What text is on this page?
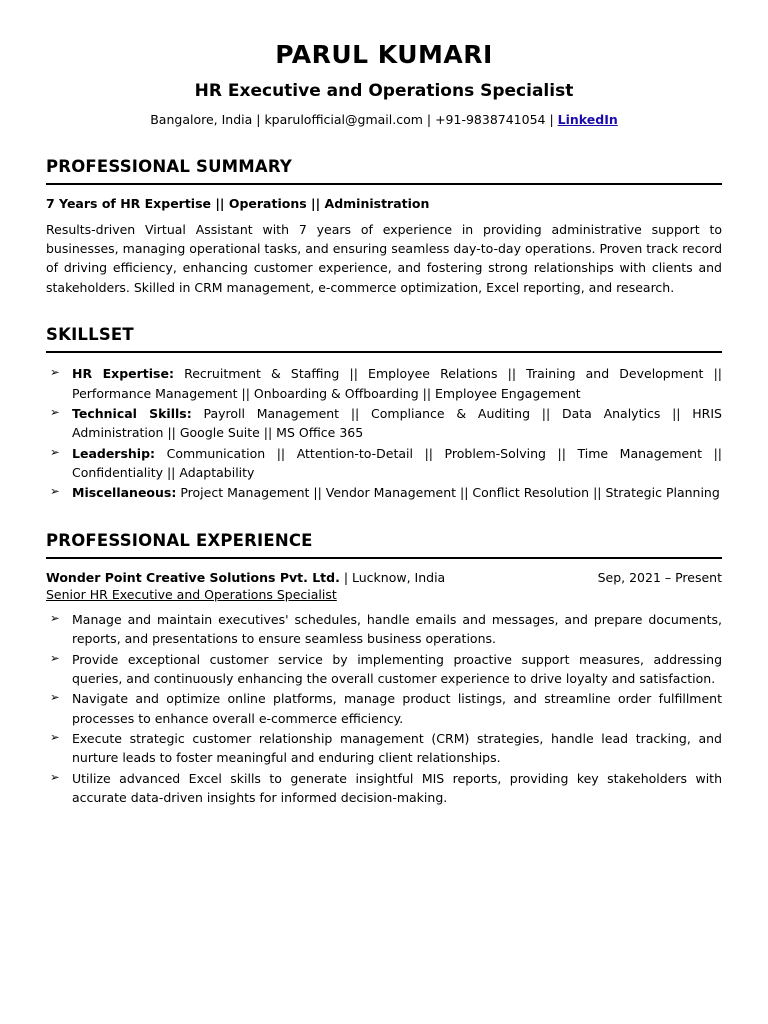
PARUL KUMARI
HR Executive and Operations Specialist
Bangalore, India | kparulofficial@gmail.com | +91-9838741054 | LinkedIn
PROFESSIONAL SUMMARY
7 Years of HR Expertise || Operations || Administration

Results-driven Virtual Assistant with 7 years of experience in providing administrative support to businesses, managing operational tasks, and ensuring seamless day-to-day operations. Proven track record of driving efficiency, enhancing customer experience, and fostering strong relationships with clients and stakeholders. Skilled in CRM management, e-commerce optimization, Excel reporting, and research.

SKILLSET
➢ HR Expertise: Recruitment & Staffing || Employee Relations || Training and Development || Performance Management || Onboarding & Offboarding || Employee Engagement
➢ Technical Skills: Payroll Management || Compliance & Auditing || Data Analytics || HRIS Administration || Google Suite || MS Office 365
➢ Leadership: Communication || Attention-to-Detail || Problem-Solving || Time Management || Confidentiality || Adaptability
➢ Miscellaneous: Project Management || Vendor Management || Conflict Resolution || Strategic Planning
PROFESSIONAL EXPERIENCE
Wonder Point Creative Solutions Pvt. Ltd. | Lucknow, India	Sep, 2021 – Present
Senior HR Executive and Operations Specialist
➢ Manage and maintain executives' schedules, handle emails and messages, and prepare documents, reports, and presentations to ensure seamless business operations.
➢ Provide exceptional customer service by implementing proactive support measures, addressing queries, and continuously enhancing the overall customer experience to drive loyalty and satisfaction.
➢ Navigate and optimize online platforms, manage product listings, and streamline order fulfillment processes to enhance overall e-commerce efficiency.
➢ Execute strategic customer relationship management (CRM) strategies, handle lead tracking, and nurture leads to foster meaningful and enduring client relationships.
➢ Utilize advanced Excel skills to generate insightful MIS reports, providing key stakeholders with accurate data-driven insights for informed decision-making.
